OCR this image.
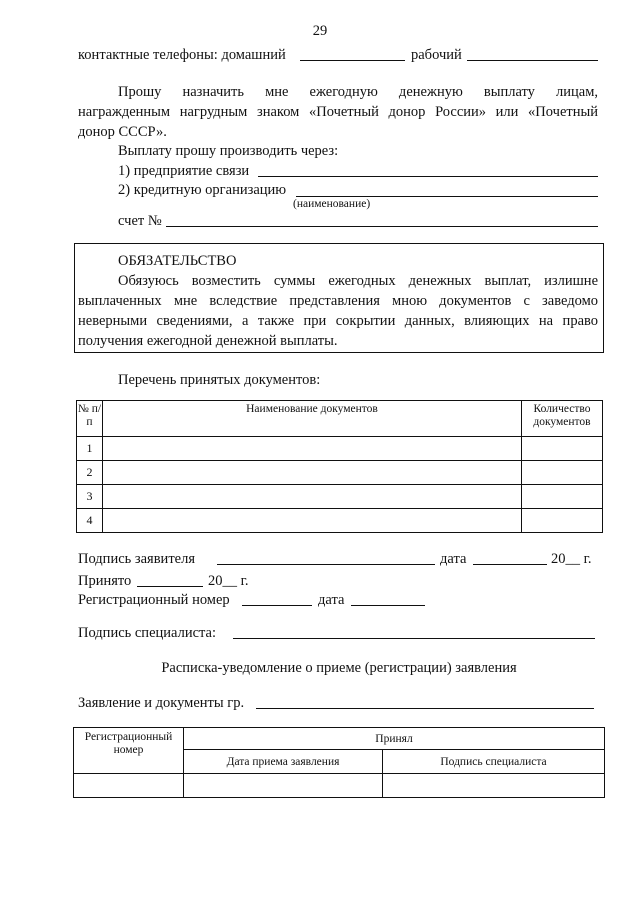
29
контактные телефоны: домашний	рабочий
Прошу назначить мне ежегодную денежную выплату лицам,
награжденным нагрудным знаком «Почетный донор России» или «Почетный
донор СССР».
Выплату прошу производить через:
1) предприятие связи
2) кредитную организацию
(наименование)
счет №
ОБЯЗАТЕЛЬСТВО
Обязуюсь возместить суммы ежегодных денежных выплат, излишне
выплаченных мне вследствие представления мною документов с заведомо
неверными сведениями, а также при сокрытии данных, влияющих на право
получения ежегодной денежной выплаты.
Перечень принятых документов:
№ п/п	Наименование документов	Количество документов
1		
2		
3		
4		
Подпись заявителя	дата	20__ г.
Принято	20__ г.
Регистрационный номер	дата
Подпись специалиста:
Расписка-уведомление о приеме (регистрации) заявления
Заявление и документы гр.
Регистрационный номер	Принял	
	Дата приема заявления	Подпись специалиста
